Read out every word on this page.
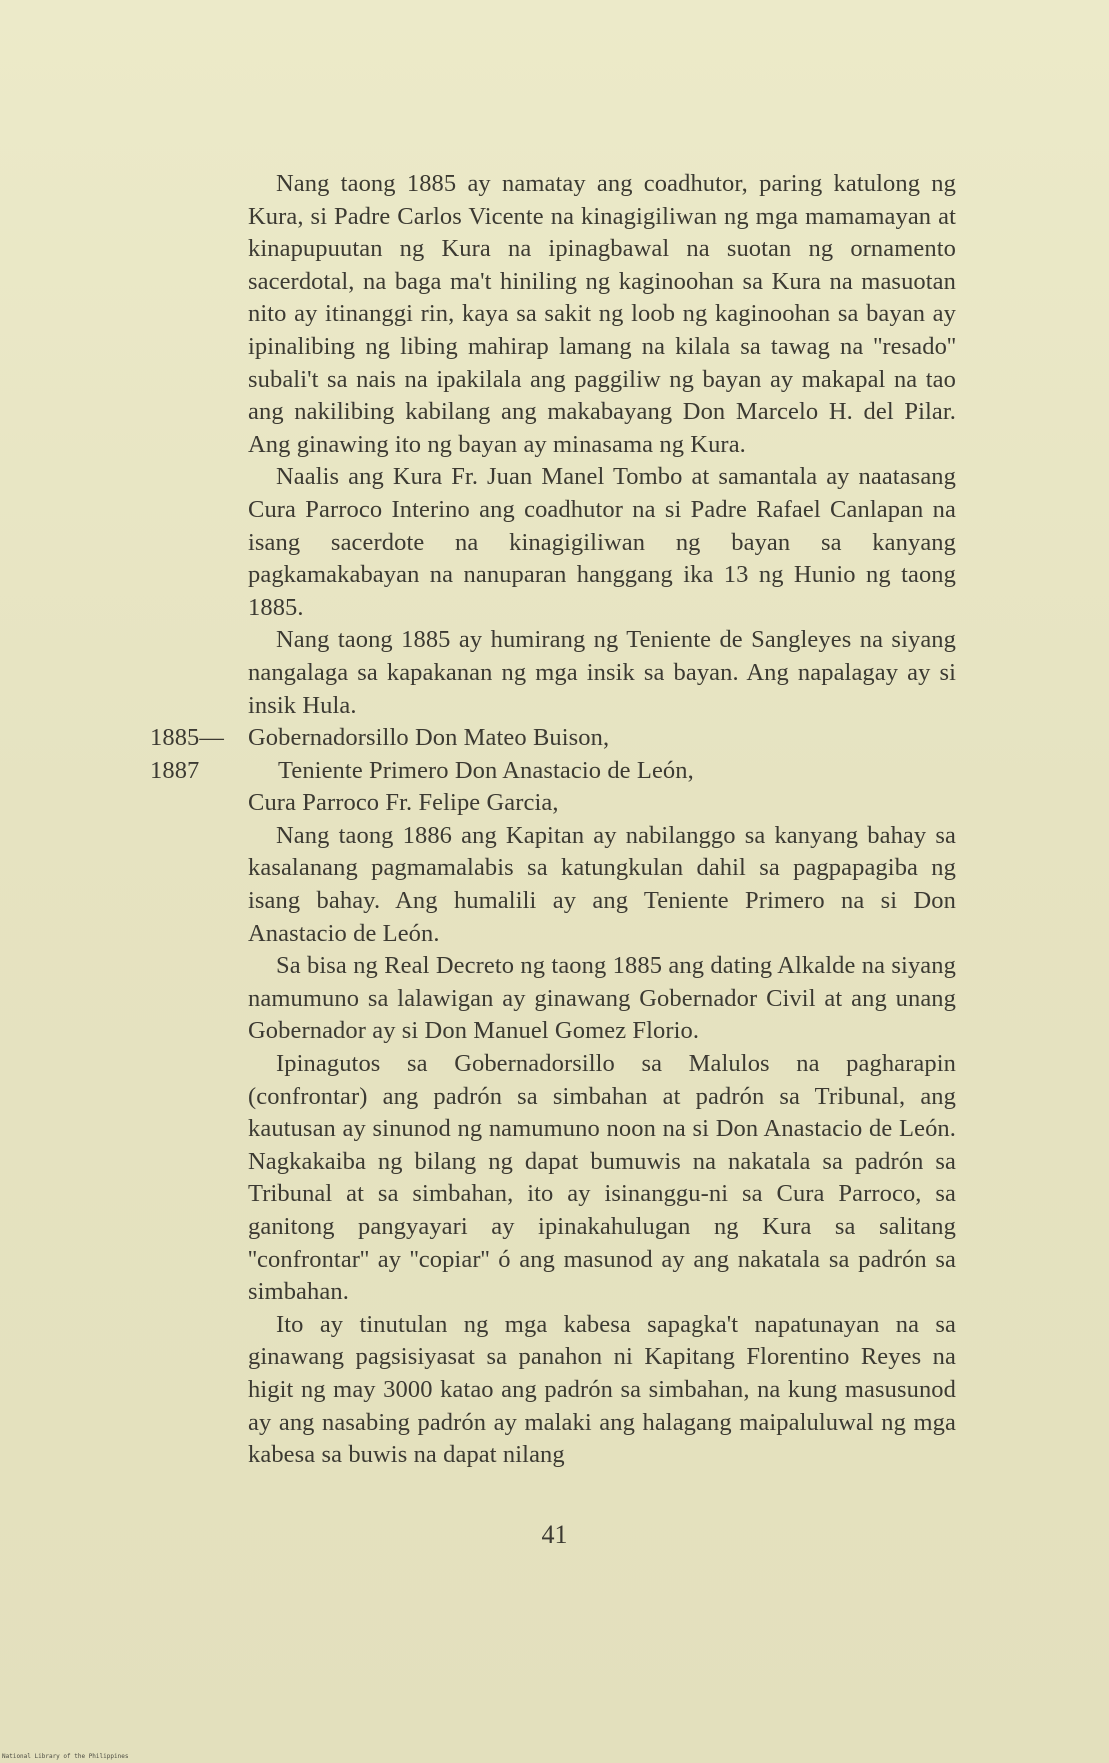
Nang taong 1885 ay namatay ang coadhutor, paring katulong ng Kura, si Padre Carlos Vicente na kinagigiliwan ng mga mamamayan at kinapupuutan ng Kura na ipinagbawal na suotan ng ornamento sacerdotal, na baga ma't hiniling ng kaginoohan sa Kura na masuotan nito ay itinanggi rin, kaya sa sakit ng loob ng kaginoohan sa bayan ay ipinalibing ng libing mahirap lamang na kilala sa tawag na ''resado'' subali't sa nais na ipakilala ang paggiliw ng bayan ay makapal na tao ang nakilibing kabilang ang makabayang Don Marcelo H. del Pilar. Ang ginawing ito ng bayan ay minasama ng Kura.

Naalis ang Kura Fr. Juan Manel Tombo at samantala ay naatasang Cura Parroco Interino ang coadhutor na si Padre Rafael Canlapan na isang sacerdote na kinagigiliwan ng bayan sa kanyang pagkamakabayan na nanuparan hanggang ika 13 ng Hunio ng taong 1885.

Nang taong 1885 ay humirang ng Teniente de Sangleyes na siyang nangalaga sa kapakanan ng mga insik sa bayan. Ang napalagay ay si insik Hula.

1885— Gobernadorsillo Don Mateo Buison,

1887	Teniente Primero Don Anastacio de León,

Cura Parroco Fr. Felipe Garcia,

Nang taong 1886 ang Kapitan ay nabilanggo sa kanyang bahay sa kasalanang pagmamalabis sa katungkulan dahil sa pagpapagiba ng isang bahay. Ang humalili ay ang Teniente Primero na si Don Anastacio de León.

Sa bisa ng Real Decreto ng taong 1885 ang dating Alkalde na siyang namumuno sa lalawigan ay ginawang Gobernador Civil at ang unang Gobernador ay si Don Manuel Gomez Florio.

Ipinagutos sa Gobernadorsillo sa Malulos na pagharapin (confrontar) ang padrón sa simbahan at padrón sa Tribunal, ang kautusan ay sinunod ng namumuno noon na si Don Anastacio de León. Nagkakaiba ng bilang ng dapat bumuwis na nakatala sa padrón sa Tribunal at sa simbahan, ito ay isinanggu-ni sa Cura Parroco, sa ganitong pangyayari ay ipinakahulugan ng Kura sa salitang ''confrontar'' ay ''copiar'' ó ang masunod ay ang nakatala sa padrón sa simbahan.

Ito ay tinutulan ng mga kabesa sapagka't napatunayan na sa ginawang pagsisiyasat sa panahon ni Kapitang Florentino Reyes na higit ng may 3000 katao ang padrón sa simbahan, na kung masusunod ay ang nasabing padrón ay malaki ang halagang maipaluluwal ng mga kabesa sa buwis na dapat nilang

41
National Library of the Philippines
